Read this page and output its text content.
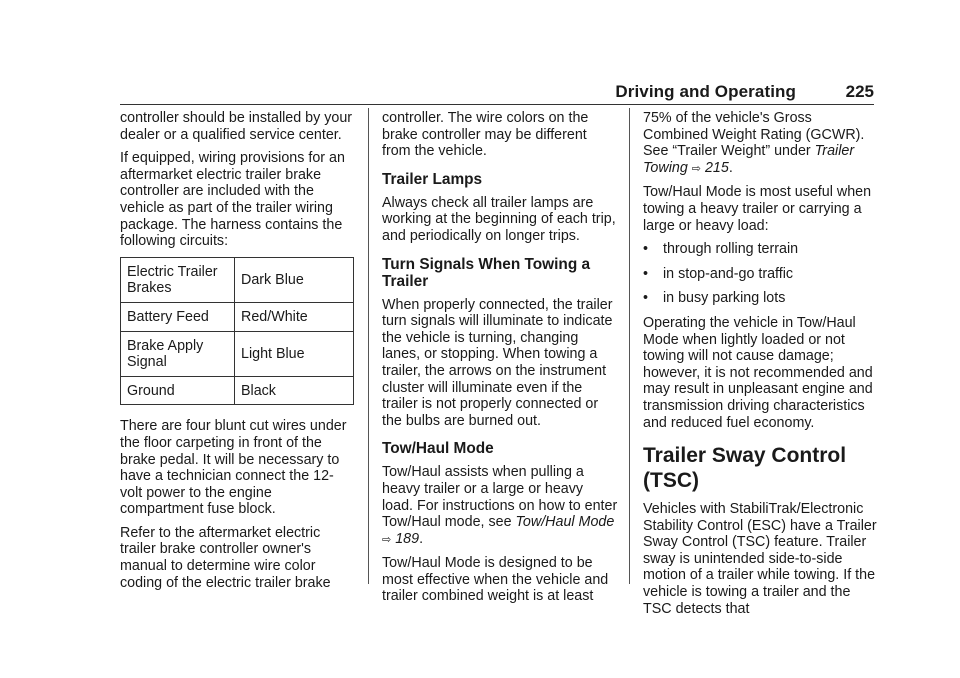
Driving and Operating	225

controller should be installed by your dealer or a qualified service center.

If equipped, wiring provisions for an aftermarket electric trailer brake controller are included with the vehicle as part of the trailer wiring package. The harness contains the following circuits:

Electric Trailer Brakes	Dark Blue
Battery Feed	Red/White
Brake Apply Signal	Light Blue
Ground	Black

There are four blunt cut wires under the floor carpeting in front of the brake pedal. It will be necessary to have a technician connect the 12-volt power to the engine compartment fuse block.

Refer to the aftermarket electric trailer brake controller owner's manual to determine wire color coding of the electric trailer brake

controller. The wire colors on the brake controller may be different from the vehicle.

Trailer Lamps

Always check all trailer lamps are working at the beginning of each trip, and periodically on longer trips.

Turn Signals When Towing a Trailer

When properly connected, the trailer turn signals will illuminate to indicate the vehicle is turning, changing lanes, or stopping. When towing a trailer, the arrows on the instrument cluster will illuminate even if the trailer is not properly connected or the bulbs are burned out.

Tow/Haul Mode

Tow/Haul assists when pulling a heavy trailer or a large or heavy load. For instructions on how to enter Tow/Haul mode, see Tow/Haul Mode ⇨ 189.

Tow/Haul Mode is designed to be most effective when the vehicle and trailer combined weight is at least

75% of the vehicle's Gross Combined Weight Rating (GCWR). See “Trailer Weight” under Trailer Towing ⇨ 215.

Tow/Haul Mode is most useful when towing a heavy trailer or carrying a large or heavy load:

• through rolling terrain
• in stop-and-go traffic
• in busy parking lots

Operating the vehicle in Tow/Haul Mode when lightly loaded or not towing will not cause damage; however, it is not recommended and may result in unpleasant engine and transmission driving characteristics and reduced fuel economy.

Trailer Sway Control (TSC)

Vehicles with StabiliTrak/Electronic Stability Control (ESC) have a Trailer Sway Control (TSC) feature. Trailer sway is unintended side-to-side motion of a trailer while towing. If the vehicle is towing a trailer and the TSC detects that
